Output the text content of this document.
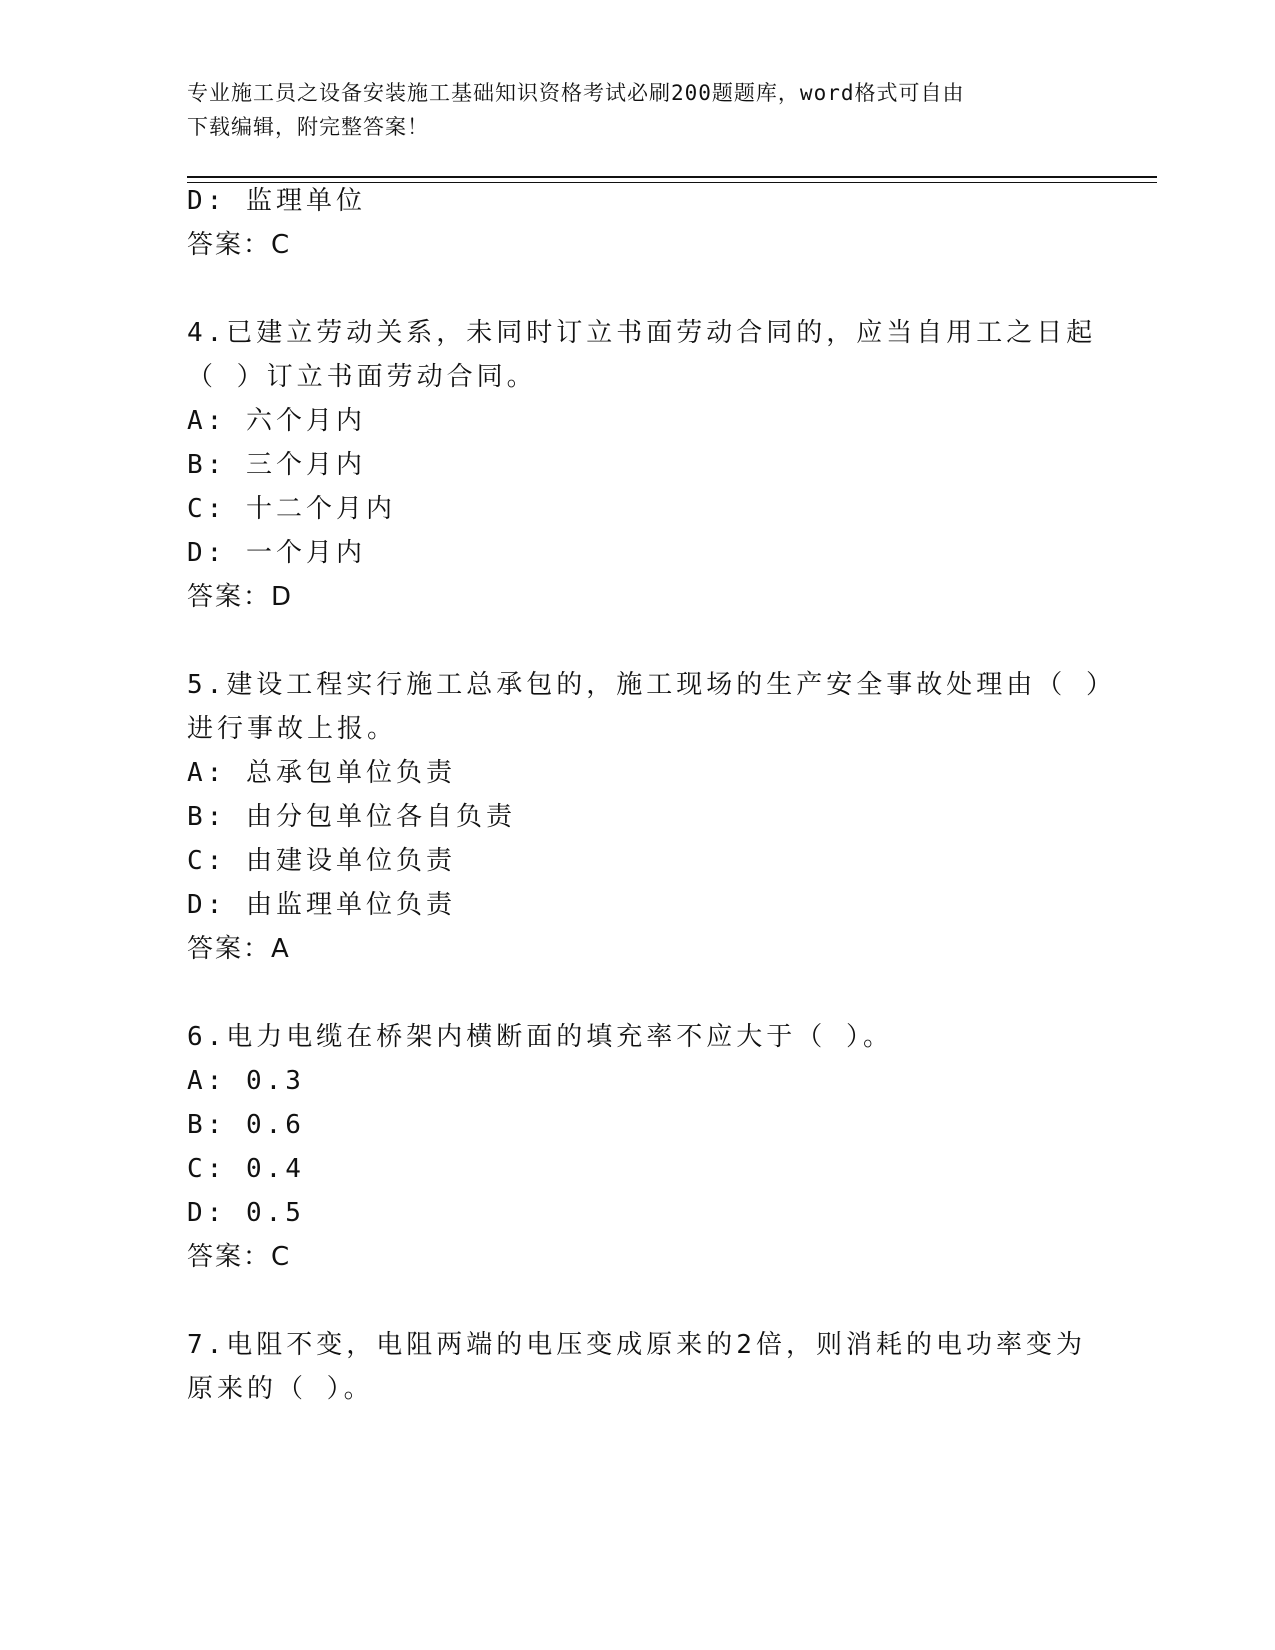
专业施工员之设备安装施工基础知识资格考试必刷200题题库，word格式可自由
下载编辑，附完整答案！
D: 监理单位
答案：C
4.已建立劳动关系，未同时订立书面劳动合同的，应当自用工之日起
（ ）订立书面劳动合同。
A: 六个月内
B: 三个月内
C: 十二个月内
D: 一个月内
答案：D
5.建设工程实行施工总承包的，施工现场的生产安全事故处理由（ ）
进行事故上报。
A: 总承包单位负责
B: 由分包单位各自负责
C: 由建设单位负责
D: 由监理单位负责
答案：A
6.电力电缆在桥架内横断面的填充率不应大于（ ）。
A: 0.3
B: 0.6
C: 0.4
D: 0.5
答案：C
7.电阻不变，电阻两端的电压变成原来的2倍，则消耗的电功率变为
原来的（ ）。
